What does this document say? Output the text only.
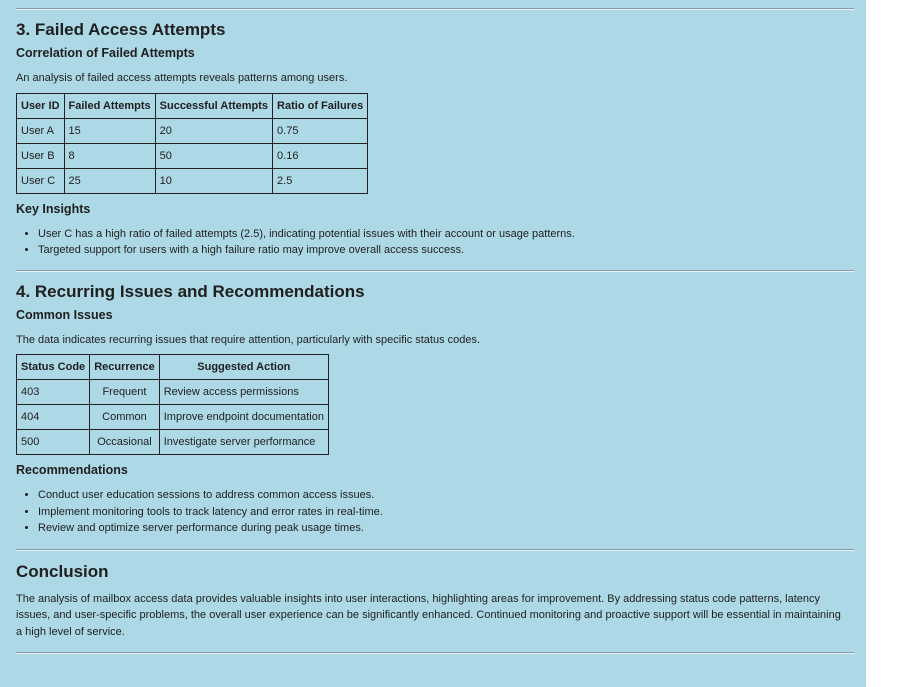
3. Failed Access Attempts
Correlation of Failed Attempts

An analysis of failed access attempts reveals patterns among users.

User ID	Failed Attempts	Successful Attempts	Ratio of Failures
User A	15	20	0.75
User B	8	50	0.16
User C	25	10	2.5
Key Insights
• User C has a high ratio of failed attempts (2.5), indicating potential issues with their account or usage patterns.
• Targeted support for users with a high failure ratio may improve overall access success.
4. Recurring Issues and Recommendations
Common Issues

The data indicates recurring issues that require attention, particularly with specific status codes.

Status Code	Recurrence	Suggested Action
403	Frequent	Review access permissions
404	Common	Improve endpoint documentation
500	Occasional	Investigate server performance
Recommendations
• Conduct user education sessions to address common access issues.
• Implement monitoring tools to track latency and error rates in real-time.
• Review and optimize server performance during peak usage times.
Conclusion

The analysis of mailbox access data provides valuable insights into user interactions, highlighting areas for improvement. By addressing status code patterns, latency issues, and user-specific problems, the overall user experience can be significantly enhanced. Continued monitoring and proactive support will be essential in maintaining a high level of service.
